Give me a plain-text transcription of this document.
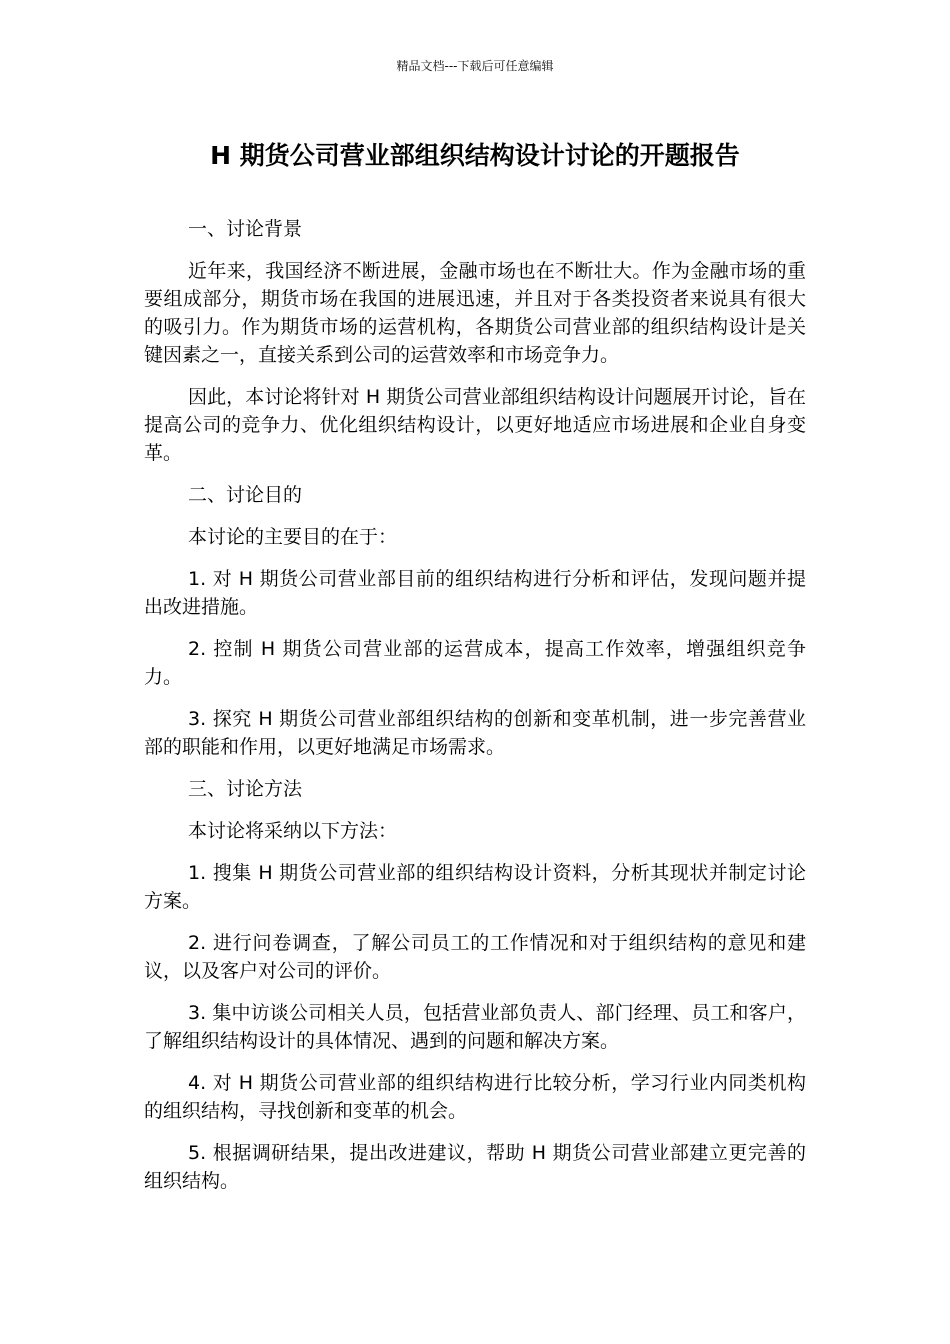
精品文档---下载后可任意编辑
H 期货公司营业部组织结构设计讨论的开题报告

一、讨论背景

近年来，我国经济不断进展，金融市场也在不断壮大。作为金融市场的重要组成部分，期货市场在我国的进展迅速，并且对于各类投资者来说具有很大的吸引力。作为期货市场的运营机构，各期货公司营业部的组织结构设计是关键因素之一，直接关系到公司的运营效率和市场竞争力。

因此，本讨论将针对 H 期货公司营业部组织结构设计问题展开讨论，旨在提高公司的竞争力、优化组织结构设计，以更好地适应市场进展和企业自身变革。

二、讨论目的

本讨论的主要目的在于：

1. 对 H 期货公司营业部目前的组织结构进行分析和评估，发现问题并提出改进措施。

2. 控制 H 期货公司营业部的运营成本，提高工作效率，增强组织竞争力。

3. 探究 H 期货公司营业部组织结构的创新和变革机制，进一步完善营业部的职能和作用，以更好地满足市场需求。

三、讨论方法

本讨论将采纳以下方法：

1. 搜集 H 期货公司营业部的组织结构设计资料，分析其现状并制定讨论方案。

2. 进行问卷调查，了解公司员工的工作情况和对于组织结构的意见和建议，以及客户对公司的评价。

3. 集中访谈公司相关人员，包括营业部负责人、部门经理、员工和客户，了解组织结构设计的具体情况、遇到的问题和解决方案。

4. 对 H 期货公司营业部的组织结构进行比较分析，学习行业内同类机构的组织结构，寻找创新和变革的机会。

5. 根据调研结果，提出改进建议，帮助 H 期货公司营业部建立更完善的组织结构。
